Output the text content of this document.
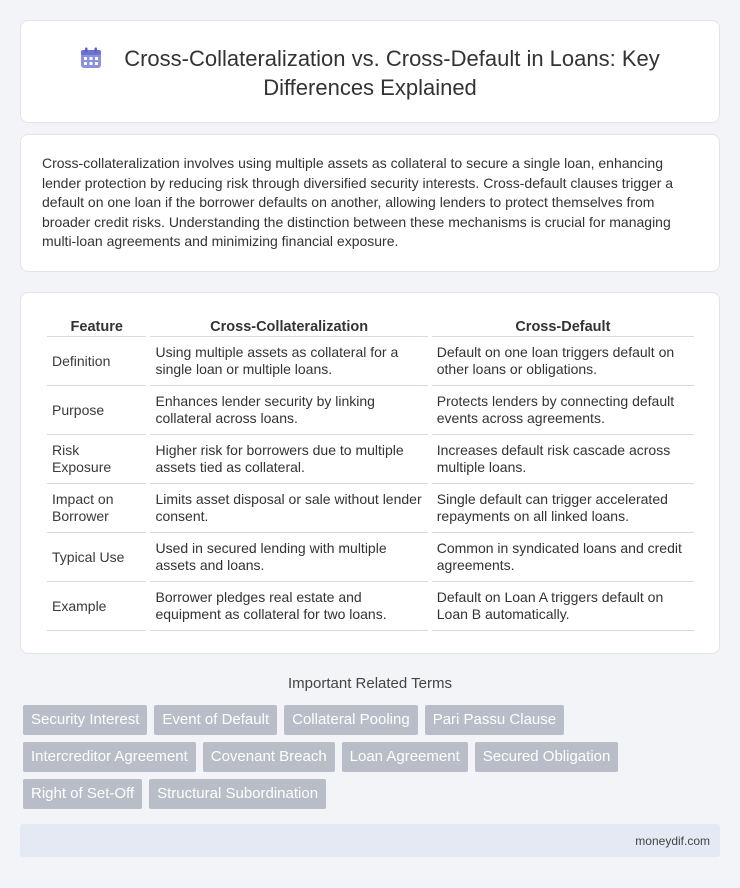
Cross-Collateralization vs. Cross-Default in Loans: Key Differences Explained

Cross-collateralization involves using multiple assets as collateral to secure a single loan, enhancing lender protection by reducing risk through diversified security interests. Cross-default clauses trigger a default on one loan if the borrower defaults on another, allowing lenders to protect themselves from broader credit risks. Understanding the distinction between these mechanisms is crucial for managing multi-loan agreements and minimizing financial exposure.

Feature	Cross-Collateralization	Cross-Default
Definition	Using multiple assets as collateral for a single loan or multiple loans.	Default on one loan triggers default on other loans or obligations.
Purpose	Enhances lender security by linking collateral across loans.	Protects lenders by connecting default events across agreements.
Risk Exposure	Higher risk for borrowers due to multiple assets tied as collateral.	Increases default risk cascade across multiple loans.
Impact on Borrower	Limits asset disposal or sale without lender consent.	Single default can trigger accelerated repayments on all linked loans.
Typical Use	Used in secured lending with multiple assets and loans.	Common in syndicated loans and credit agreements.
Example	Borrower pledges real estate and equipment as collateral for two loans.	Default on Loan A triggers default on Loan B automatically.
Important Related Terms
Security Interest	Event of Default	Collateral Pooling	Pari Passu Clause
Intercreditor Agreement	Covenant Breach	Loan Agreement	Secured Obligation
Right of Set-Off	Structural Subordination
moneydif.com
